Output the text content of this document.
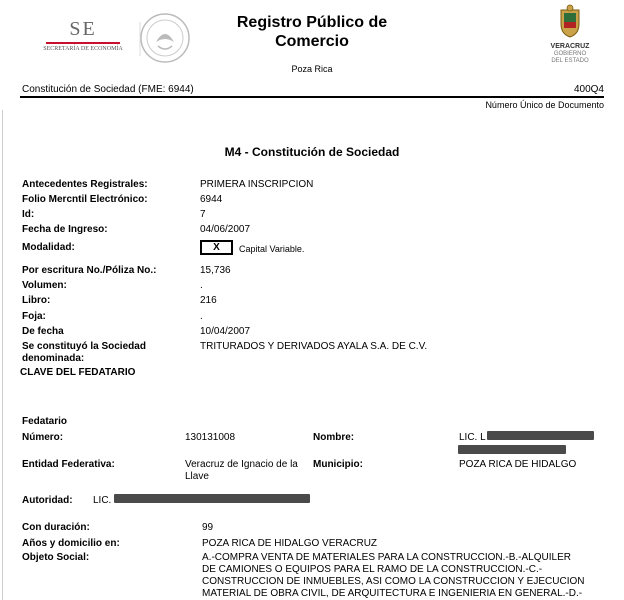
SE
SECRETARÍA DE ECONOMÍA
Registro Público de
Comercio
Poza Rica
VERACRUZ
GOBIERNO
DEL ESTADO
Constitución de Sociedad (FME: 6944)	400Q4
Número Único de Documento
M4 - Constitución de Sociedad
Antecedentes Registrales:	PRIMERA INSCRIPCION
Folio Mercntil Electrónico:	6944
Id:	7
Fecha de Ingreso:	04/06/2007
Modalidad:	X	Capital Variable.
Por escritura No./Póliza No.:	15,736
Volumen:	.
Libro:	216
Foja:	.
De fecha	10/04/2007
Se constituyó la Sociedad
denominada:
TRITURADOS Y DERIVADOS AYALA S.A. DE C.V.
CLAVE DEL FEDATARIO
Fedatario
Número:	130131008	Nombre:	LIC. L
Entidad Federativa:	Veracruz de Ignacio de la
Llave
Municipio:	POZA RICA DE HIDALGO
Autoridad: LIC.
Con duración:	99
Años y domicilio en:	POZA RICA DE HIDALGO VERACRUZ
Objeto Social:	A.-COMPRA VENTA DE MATERIALES PARA LA CONSTRUCCION.-B.-ALQUILER
DE CAMIONES O EQUIPOS PARA EL RAMO DE LA CONSTRUCCION.-C.-
CONSTRUCCION DE INMUEBLES, ASI COMO LA CONSTRUCCION Y EJECUCION
MATERIAL DE OBRA CIVIL, DE ARQUITECTURA E INGENIERIA EN GENERAL.-D.-
